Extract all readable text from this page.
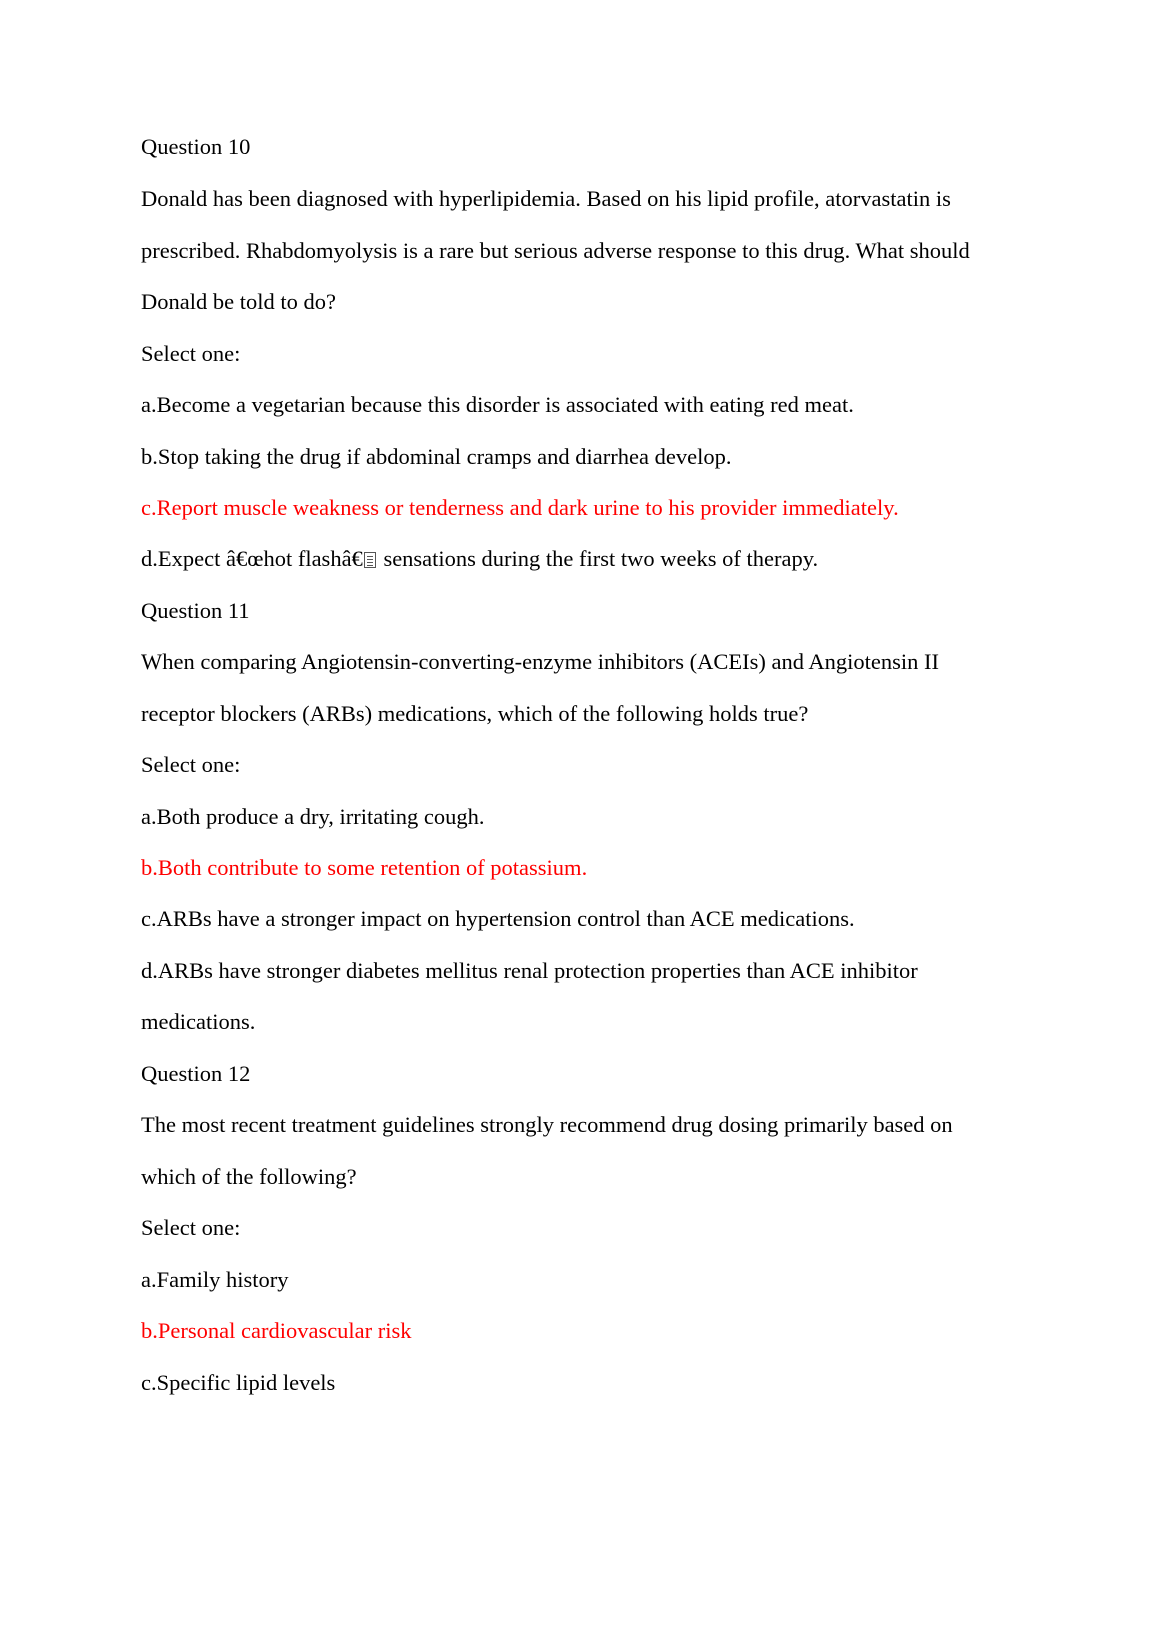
Question 10
Donald has been diagnosed with hyperlipidemia. Based on his lipid profile, atorvastatin is
prescribed. Rhabdomyolysis is a rare but serious adverse response to this drug. What should
Donald be told to do?
Select one:
a.Become a vegetarian because this disorder is associated with eating red meat.
b.Stop taking the drug if abdominal cramps and diarrhea develop.
c.Report muscle weakness or tenderness and dark urine to his provider immediately.
d.Expect â€œhot flashâ€ sensations during the first two weeks of therapy.
Question 11
When comparing Angiotensin-converting-enzyme inhibitors (ACEIs) and Angiotensin II
receptor blockers (ARBs) medications, which of the following holds true?
Select one:
a.Both produce a dry, irritating cough.
b.Both contribute to some retention of potassium.
c.ARBs have a stronger impact on hypertension control than ACE medications.
d.ARBs have stronger diabetes mellitus renal protection properties than ACE inhibitor
medications.
Question 12
The most recent treatment guidelines strongly recommend drug dosing primarily based on
which of the following?
Select one:
a.Family history
b.Personal cardiovascular risk
c.Specific lipid levels
